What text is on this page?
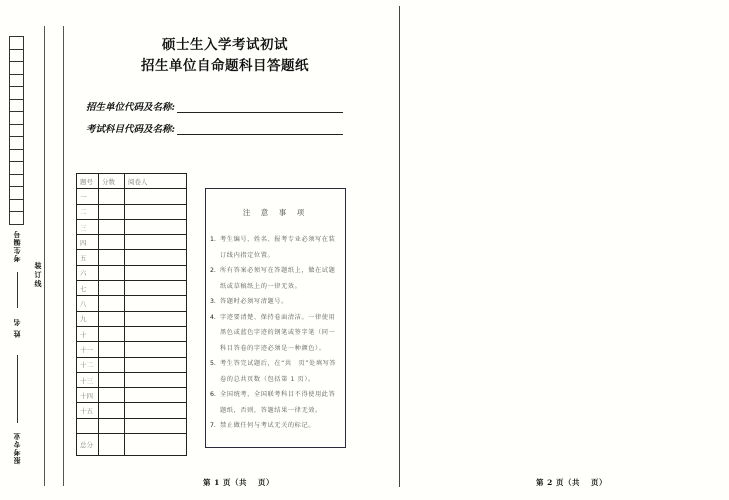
考生编号
姓 名
报考专业
装订线
硕士生入学考试初试
招生单位自命题科目答题纸
招生单位代码及名称:
考试科目代码及名称:
题号	分数	阅卷人
一		
二		
三		
四		
五		
六		
七		
八		
九		
十		
十一		
十二		
十三		
十四		
十五		

总分		
注 意 事 项
1. 考生编号、姓名、报考专业必须写在装订线内指定位置。
2. 所有答案必须写在答题纸上，做在试题纸或草稿纸上的一律无效。
3. 答题时必须写清题号。
4. 字迹要清楚、保持卷面清洁。一律使用黑色或蓝色字迹的钢笔或签字笔（同一科目答卷的字迹必须是一种颜色）。
5. 考生答完试题后，在“共　页”处填写答卷的总共页数（包括第 1 页）。
6. 全国统考、全国联考科目不得使用此答题纸，否则，答题结果一律无效。
7. 禁止做任何与考试无关的标记。
第 1 页（共　 页）	第 2 页（共　 页）
